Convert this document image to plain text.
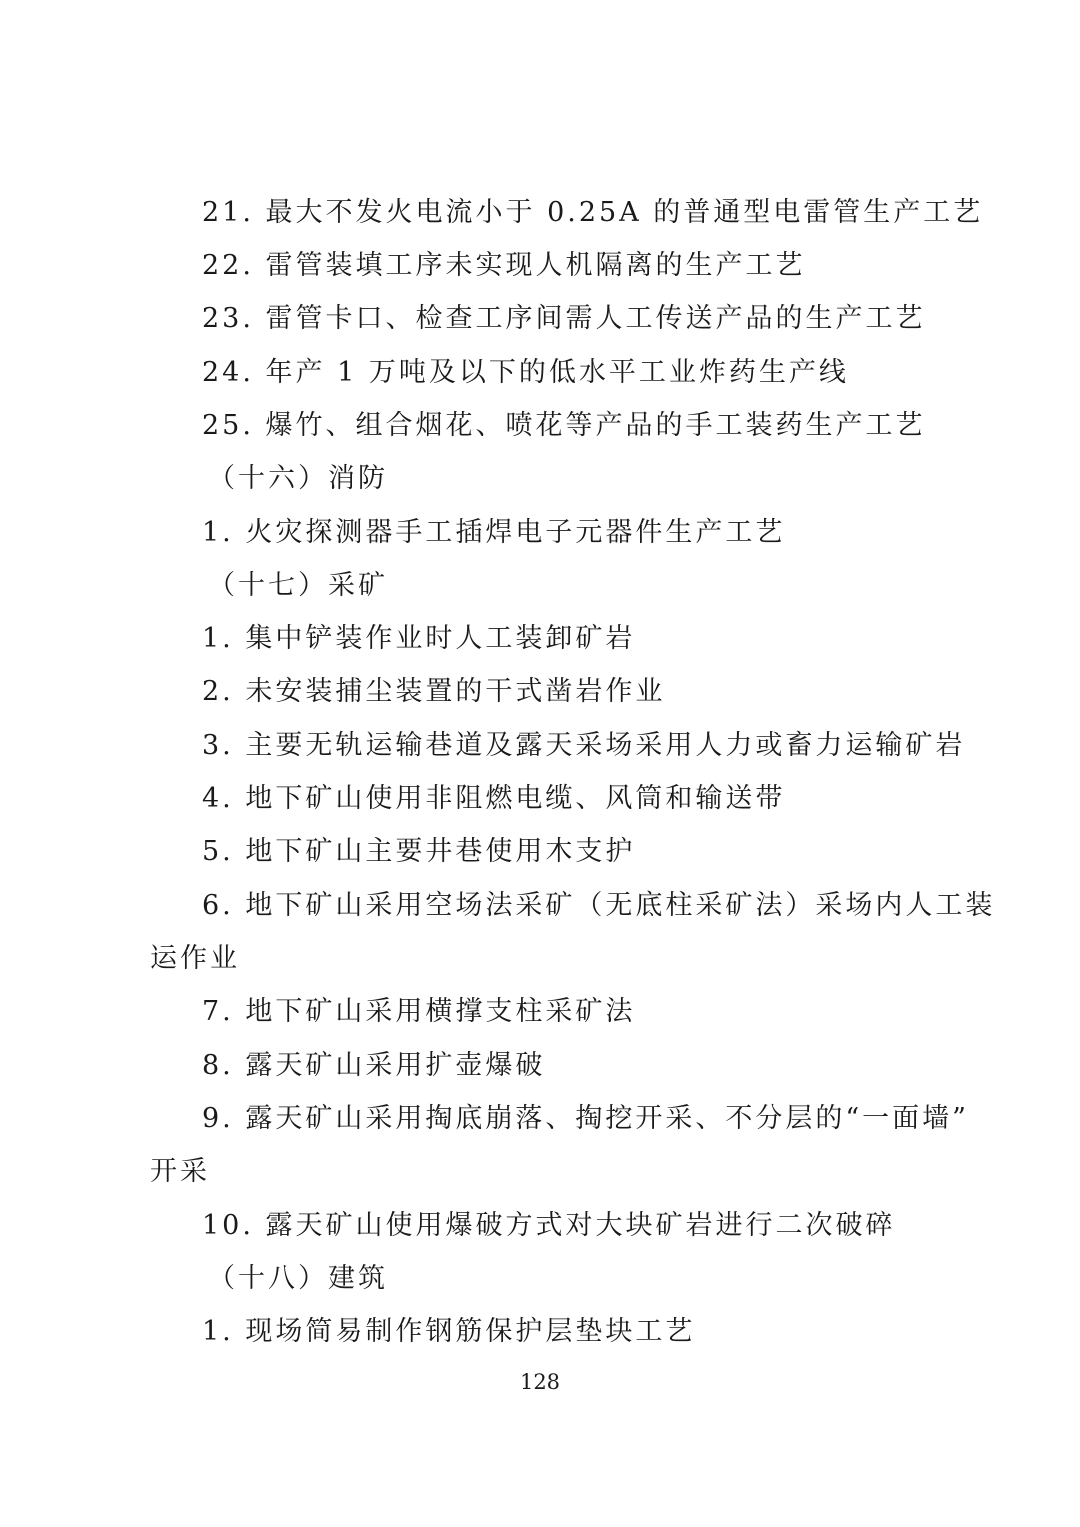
21. 最大不发火电流小于 0.25A 的普通型电雷管生产工艺
22. 雷管装填工序未实现人机隔离的生产工艺
23. 雷管卡口、检查工序间需人工传送产品的生产工艺
24. 年产 1 万吨及以下的低水平工业炸药生产线
25. 爆竹、组合烟花、喷花等产品的手工装药生产工艺
（十六）消防
1. 火灾探测器手工插焊电子元器件生产工艺
（十七）采矿
1. 集中铲装作业时人工装卸矿岩
2. 未安装捕尘装置的干式凿岩作业
3. 主要无轨运输巷道及露天采场采用人力或畜力运输矿岩
4. 地下矿山使用非阻燃电缆、风筒和输送带
5. 地下矿山主要井巷使用木支护
6. 地下矿山采用空场法采矿（无底柱采矿法）采场内人工装
运作业
7. 地下矿山采用横撑支柱采矿法
8. 露天矿山采用扩壶爆破
9. 露天矿山采用掏底崩落、掏挖开采、不分层的“一面墙”
开采
10. 露天矿山使用爆破方式对大块矿岩进行二次破碎
（十八）建筑
1. 现场简易制作钢筋保护层垫块工艺
128
